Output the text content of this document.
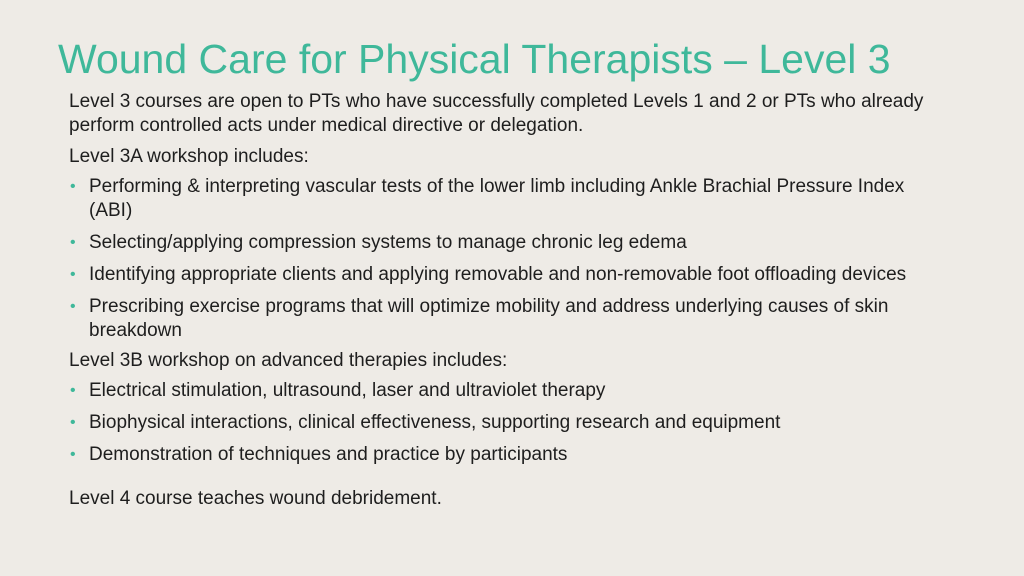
Wound Care for Physical Therapists – Level 3

Level 3 courses are open to PTs who have successfully completed Levels 1 and 2 or PTs who already perform controlled acts under medical directive or delegation.

Level 3A workshop includes:

• Performing & interpreting vascular tests of the lower limb including Ankle Brachial Pressure Index (ABI)
• Selecting/applying compression systems to manage chronic leg edema
• Identifying appropriate clients and applying removable and non-removable foot offloading devices
• Prescribing exercise programs that will optimize mobility and address underlying causes of skin breakdown

Level 3B workshop on advanced therapies includes:

• Electrical stimulation, ultrasound, laser and ultraviolet therapy
• Biophysical interactions, clinical effectiveness, supporting research and equipment
• Demonstration of techniques and practice by participants

Level 4 course teaches wound debridement.
